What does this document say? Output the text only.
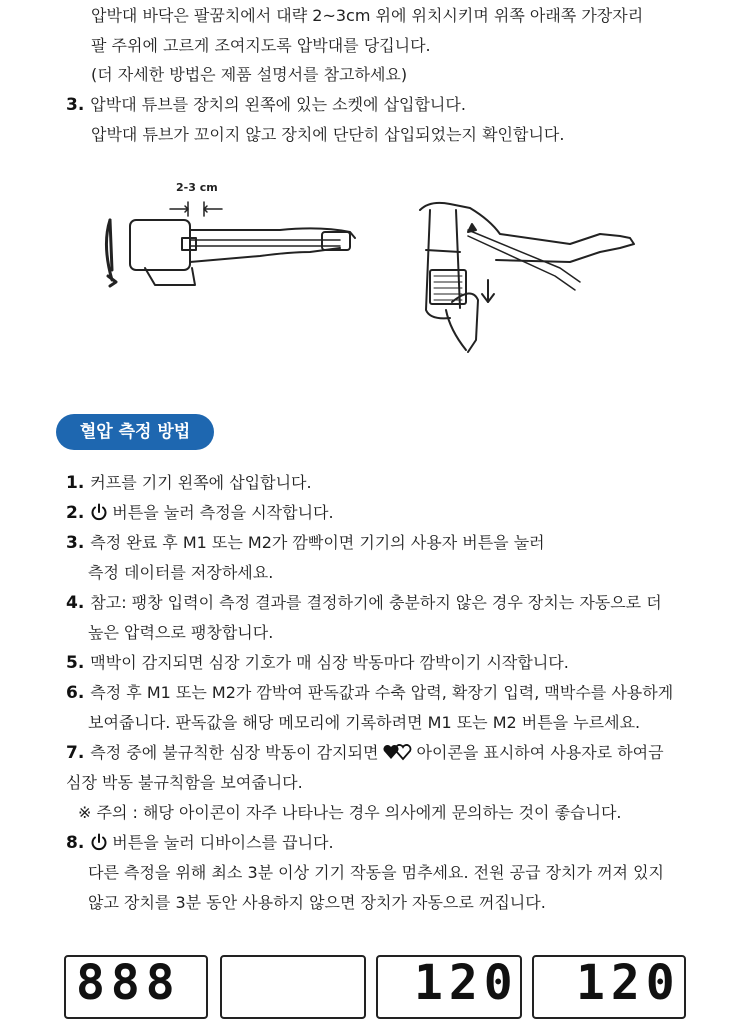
압박대 바닥은 팔꿈치에서 대략 2~3cm 위에 위치시키며 위쪽 아래쪽 가장자리
팔 주위에 고르게 조여지도록 압박대를 당깁니다.
(더 자세한 방법은 제품 설명서를 참고하세요)
3. 압박대 튜브를 장치의 왼쪽에 있는 소켓에 삽입합니다.
압박대 튜브가 꼬이지 않고 장치에 단단히 삽입되었는지 확인합니다.
2-3 cm
혈압 측정 방법
1. 커프를 기기 왼쪽에 삽입합니다.
2. 버튼을 눌러 측정을 시작합니다.
3. 측정 완료 후 M1 또는 M2가 깜빡이면 기기의 사용자 버튼을 눌러
측정 데이터를 저장하세요.
4. 참고: 팽창 입력이 측정 결과를 결정하기에 충분하지 않은 경우 장치는 자동으로 더
높은 압력으로 팽창합니다.
5. 맥박이 감지되면 심장 기호가 매 심장 박동마다 깜박이기 시작합니다.
6. 측정 후 M1 또는 M2가 깜박여 판독값과 수축 압력, 확장기 입력, 맥박수를 사용하게
보여줍니다. 판독값을 해당 메모리에 기록하려면 M1 또는 M2 버튼을 누르세요.
7. 측정 중에 불규칙한 심장 박동이 감지되면 아이콘을 표시하여 사용자로 하여금
심장 박동 불규칙함을 보여줍니다.
※ 주의 : 해당 아이콘이 자주 나타나는 경우 의사에게 문의하는 것이 좋습니다.
8. 버튼을 눌러 디바이스를 끕니다.
다른 측정을 위해 최소 3분 이상 기기 작동을 멈추세요. 전원 공급 장치가 꺼져 있지
않고 장치를 3분 동안 사용하지 않으면 장치가 자동으로 꺼집니다.
888	120 120
